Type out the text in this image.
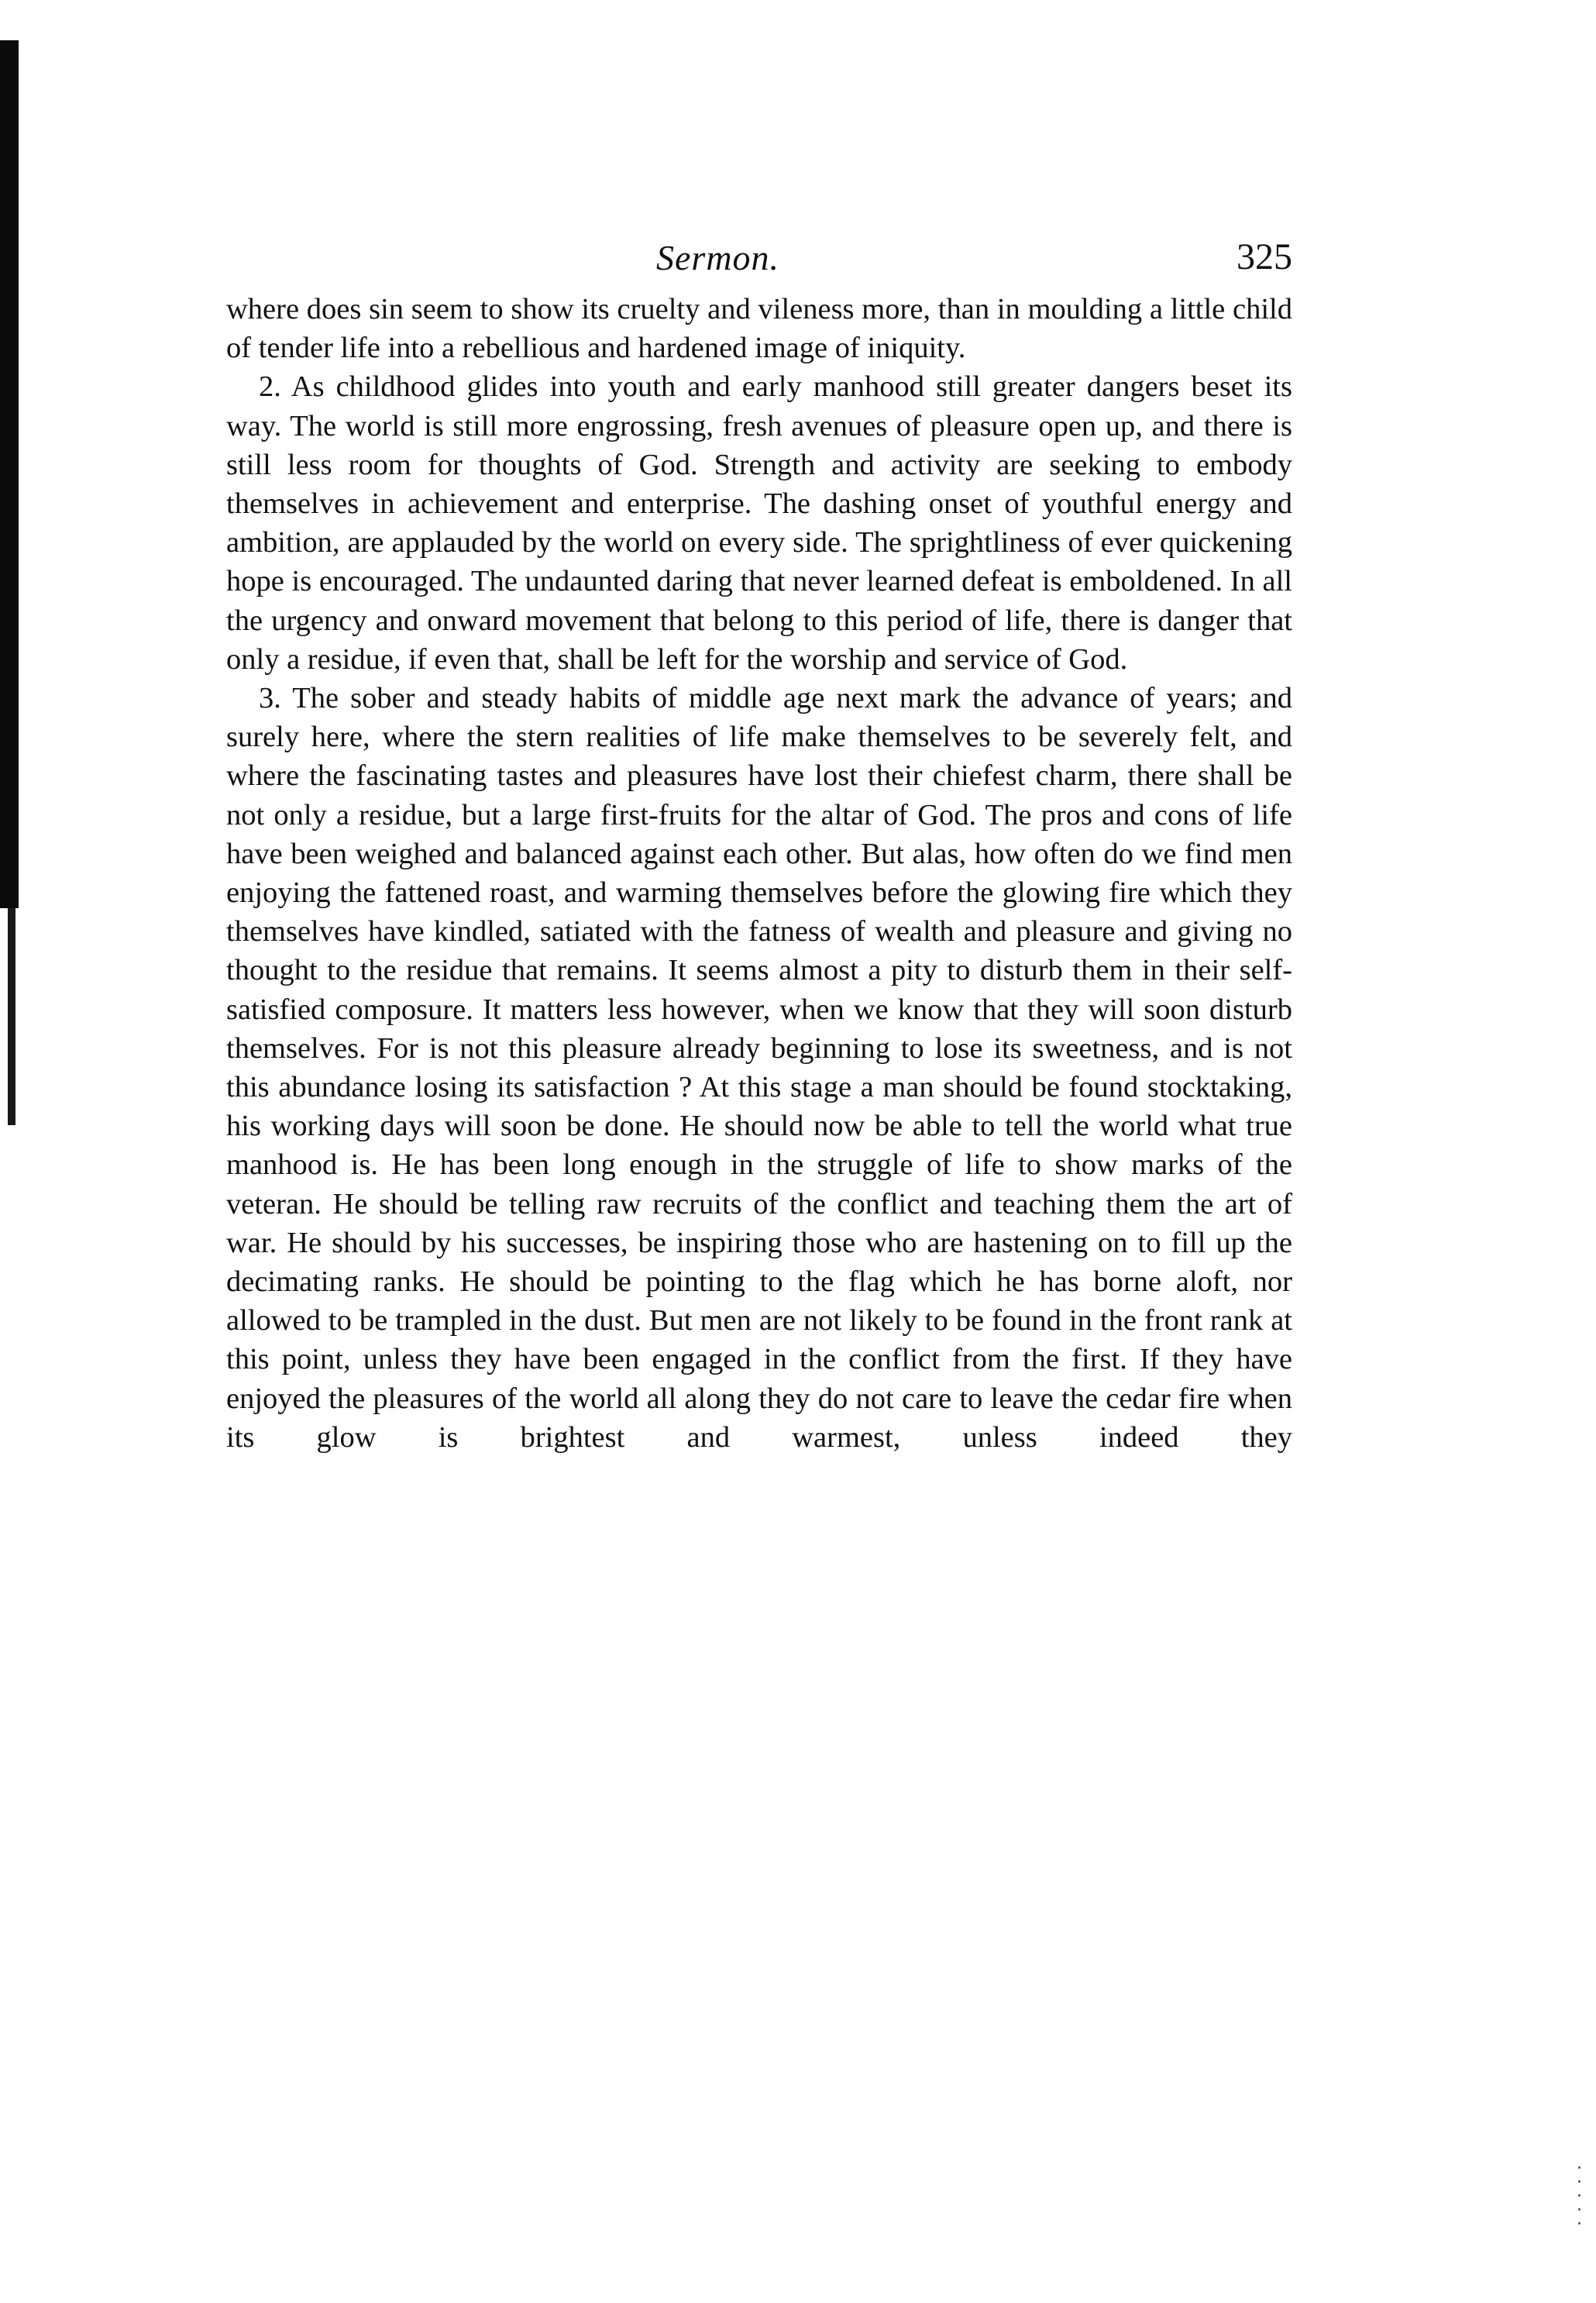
Sermon.	325

where does sin seem to show its cruelty and vileness more, than in moulding a little child of tender life into a rebellious and hardened image of iniquity.

2. As childhood glides into youth and early manhood still greater dangers beset its way. The world is still more engrossing, fresh avenues of pleasure open up, and there is still less room for thoughts of God. Strength and activity are seeking to embody themselves in achievement and enterprise. The dashing onset of youthful energy and ambition, are applauded by the world on every side. The sprightliness of ever quickening hope is encouraged. The undaunted daring that never learned defeat is emboldened. In all the urgency and onward movement that belong to this period of life, there is danger that only a residue, if even that, shall be left for the worship and service of God.

3. The sober and steady habits of middle age next mark the advance of years; and surely here, where the stern realities of life make themselves to be severely felt, and where the fascinating tastes and pleasures have lost their chiefest charm, there shall be not only a residue, but a large first-fruits for the altar of God. The pros and cons of life have been weighed and balanced against each other. But alas, how often do we find men enjoying the fattened roast, and warming themselves before the glowing fire which they themselves have kindled, satiated with the fatness of wealth and pleasure and giving no thought to the residue that remains. It seems almost a pity to disturb them in their self-satisfied composure. It matters less however, when we know that they will soon disturb themselves. For is not this pleasure already beginning to lose its sweetness, and is not this abundance losing its satisfaction ? At this stage a man should be found stocktaking, his working days will soon be done. He should now be able to tell the world what true manhood is. He has been long enough in the struggle of life to show marks of the veteran. He should be telling raw recruits of the conflict and teaching them the art of war. He should by his successes, be inspiring those who are hastening on to fill up the decimating ranks. He should be pointing to the flag which he has borne aloft, nor allowed to be trampled in the dust. But men are not likely to be found in the front rank at this point, unless they have been engaged in the conflict from the first. If they have enjoyed the pleasures of the world all along they do not care to leave the cedar fire when its glow is brightest and warmest, unless indeed they

·
·
·
·
·
